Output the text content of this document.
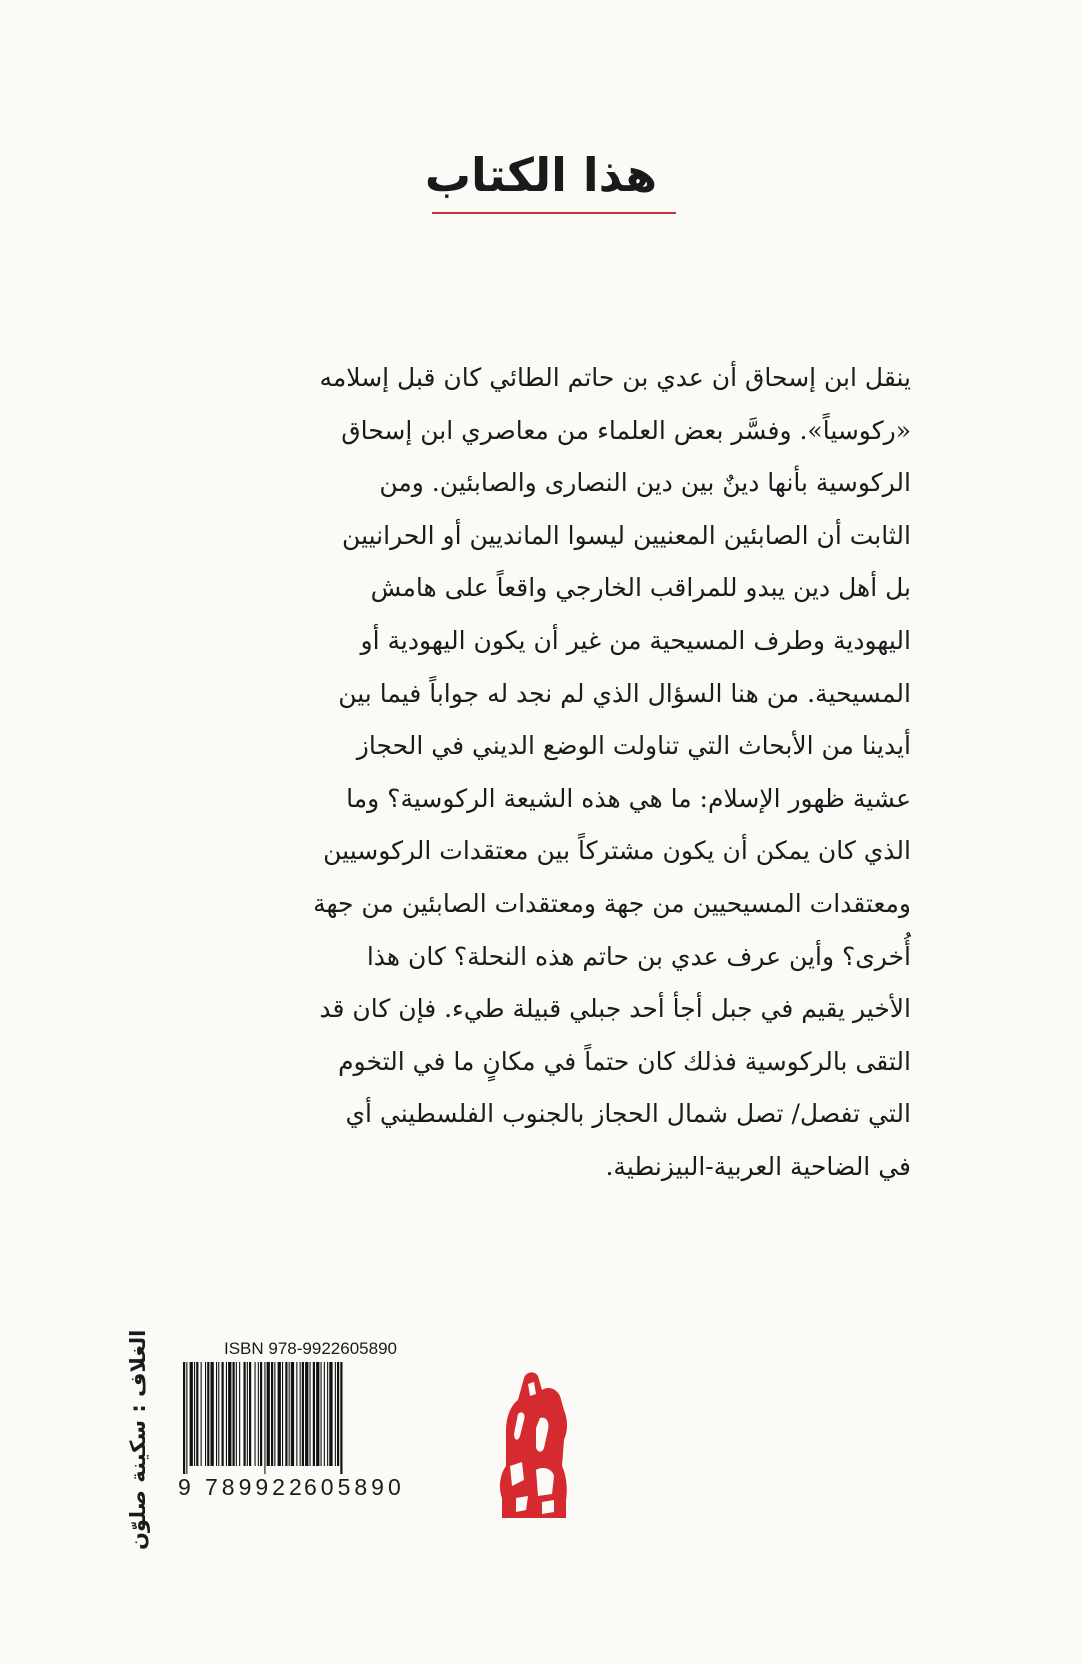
هذا الكتاب
ينقل ابن إسحاق أن عدي بن حاتم الطائي كان قبل إسلامه
«ركوسياً». وفسَّر بعض العلماء من معاصري ابن إسحاق
الركوسية بأنها دينٌ بين دين النصارى والصابئين. ومن
الثابت أن الصابئين المعنيين ليسوا المانديين أو الحرانيين
بل أهل دين يبدو للمراقب الخارجي واقعاً على هامش
اليهودية وطرف المسيحية من غير أن يكون اليهودية أو
المسيحية. من هنا السؤال الذي لم نجد له جواباً فيما بين
أيدينا من الأبحاث التي تناولت الوضع الديني في الحجاز
عشية ظهور الإسلام: ما هي هذه الشيعة الركوسية؟ وما
الذي كان يمكن أن يكون مشتركاً بين معتقدات الركوسيين
ومعتقدات المسيحيين من جهة ومعتقدات الصابئين من جهة
أُخرى؟ وأين عرف عدي بن حاتم هذه النحلة؟ كان هذا
الأخير يقيم في جبل أجأ أحد جبلي قبيلة طيء. فإن كان قد
التقى بالركوسية فذلك كان حتماً في مكانٍ ما في التخوم
التي تفصل/ تصل شمال الحجاز بالجنوب الفلسطيني أي
في الضاحية العربية-البيزنطية.
الغلاف : سكينة صلوّن	ISBN 978-9922605890
9 789922
605890
